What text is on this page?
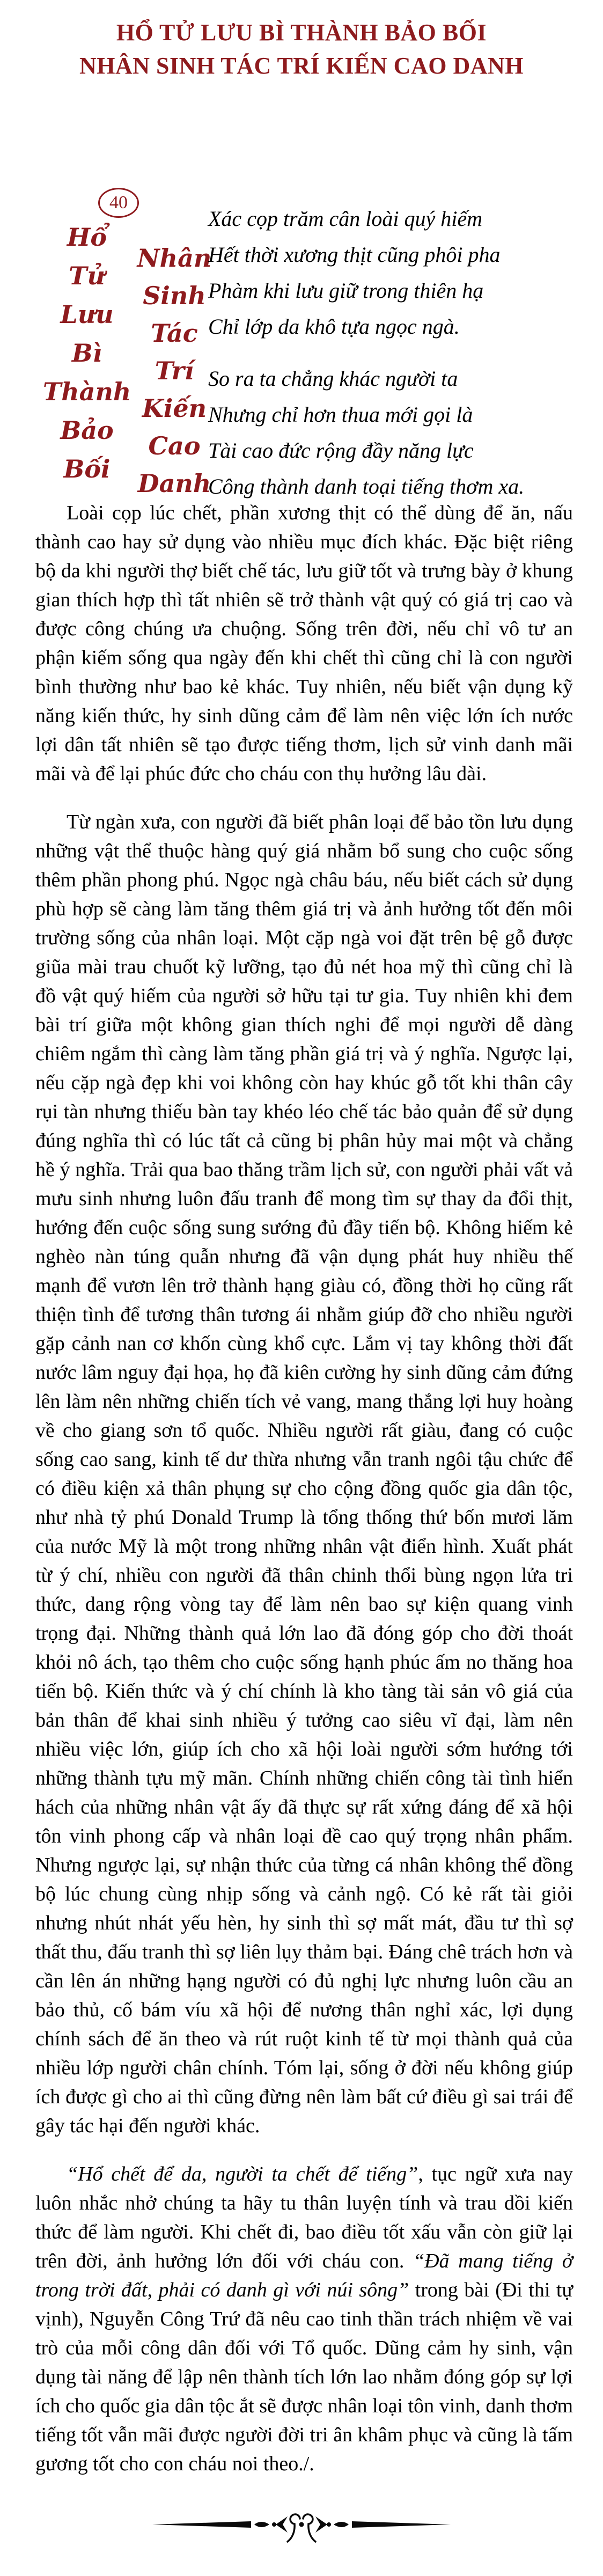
HỔ TỬ LƯU BÌ THÀNH BẢO BỐI
NHÂN SINH TÁC TRÍ KIẾN CAO DANH
40
Hổ
Tử
Lưu
Bì
Thành
Bảo
Bối
Nhân
Sinh
Tác
Trí
Kiến
Cao
Danh
Xác cọp trăm cân loài quý hiếm
Hết thời xương thịt cũng phôi pha
Phàm khi lưu giữ trong thiên hạ
Chỉ lớp da khô tựa ngọc ngà.
So ra ta chẳng khác người ta
Nhưng chỉ hơn thua mới gọi là
Tài cao đức rộng đầy năng lực
Công thành danh toại tiếng thơm xa.

Loài cọp lúc chết, phần xương thịt có thể dùng để ăn, nấu thành cao hay sử dụng vào nhiều mục đích khác. Đặc biệt riêng bộ da khi người thợ biết chế tác, lưu giữ tốt và trưng bày ở khung gian thích hợp thì tất nhiên sẽ trở thành vật quý có giá trị cao và được công chúng ưa chuộng. Sống trên đời, nếu chỉ vô tư an phận kiếm sống qua ngày đến khi chết thì cũng chỉ là con người bình thường như bao kẻ khác. Tuy nhiên, nếu biết vận dụng kỹ năng kiến thức, hy sinh dũng cảm để làm nên việc lớn ích nước lợi dân tất nhiên sẽ tạo được tiếng thơm, lịch sử vinh danh mãi mãi và để lại phúc đức cho cháu con thụ hưởng lâu dài.

Từ ngàn xưa, con người đã biết phân loại để bảo tồn lưu dụng những vật thể thuộc hàng quý giá nhằm bổ sung cho cuộc sống thêm phần phong phú. Ngọc ngà châu báu, nếu biết cách sử dụng phù hợp sẽ càng làm tăng thêm giá trị và ảnh hưởng tốt đến môi trường sống của nhân loại. Một cặp ngà voi đặt trên bệ gỗ được giũa mài trau chuốt kỹ lưỡng, tạo đủ nét hoa mỹ thì cũng chỉ là đồ vật quý hiếm của người sở hữu tại tư gia. Tuy nhiên khi đem bài trí giữa một không gian thích nghi để mọi người dễ dàng chiêm ngắm thì càng làm tăng phần giá trị và ý nghĩa. Ngược lại, nếu cặp ngà đẹp khi voi không còn hay khúc gỗ tốt khi thân cây rụi tàn nhưng thiếu bàn tay khéo léo chế tác bảo quản để sử dụng đúng nghĩa thì có lúc tất cả cũng bị phân hủy mai một và chẳng hề ý nghĩa. Trải qua bao thăng trầm lịch sử, con người phải vất vả mưu sinh nhưng luôn đấu tranh để mong tìm sự thay da đổi thịt, hướng đến cuộc sống sung sướng đủ đầy tiến bộ. Không hiếm kẻ nghèo nàn túng quẫn nhưng đã vận dụng phát huy nhiều thế mạnh để vươn lên trở thành hạng giàu có, đồng thời họ cũng rất thiện tình để tương thân tương ái nhằm giúp đỡ cho nhiều người gặp cảnh nan cơ khốn cùng khổ cực. Lắm vị tay không thời đất nước lâm nguy đại họa, họ đã kiên cường hy sinh dũng cảm đứng lên làm nên những chiến tích vẻ vang, mang thắng lợi huy hoàng về cho giang sơn tổ quốc. Nhiều người rất giàu, đang có cuộc sống cao sang, kinh tế dư thừa nhưng vẫn tranh ngôi tậu chức để có điều kiện xả thân phụng sự cho cộng đồng quốc gia dân tộc, như nhà tỷ phú Donald Trump là tổng thống thứ bốn mươi lăm của nước Mỹ là một trong những nhân vật điển hình. Xuất phát từ ý chí, nhiều con người đã thân chinh thổi bùng ngọn lửa tri thức, dang rộng vòng tay để làm nên bao sự kiện quang vinh trọng đại. Những thành quả lớn lao đã đóng góp cho đời thoát khỏi nô ách, tạo thêm cho cuộc sống hạnh phúc ấm no thăng hoa tiến bộ. Kiến thức và ý chí chính là kho tàng tài sản vô giá của bản thân để khai sinh nhiều ý tưởng cao siêu vĩ đại, làm nên nhiều việc lớn, giúp ích cho xã hội loài người sớm hướng tới những thành tựu mỹ mãn. Chính những chiến công tài tình hiển hách của những nhân vật ấy đã thực sự rất xứng đáng để xã hội tôn vinh phong cấp và nhân loại đề cao quý trọng nhân phẩm. Nhưng ngược lại, sự nhận thức của từng cá nhân không thể đồng bộ lúc chung cùng nhịp sống và cảnh ngộ. Có kẻ rất tài giỏi nhưng nhút nhát yếu hèn, hy sinh thì sợ mất mát, đầu tư thì sợ thất thu, đấu tranh thì sợ liên lụy thảm bại. Đáng chê trách hơn và cần lên án những hạng người có đủ nghị lực nhưng luôn cầu an bảo thủ, cố bám víu xã hội để nương thân nghỉ xác, lợi dụng chính sách để ăn theo và rút ruột kinh tế từ mọi thành quả của nhiều lớp người chân chính. Tóm lại, sống ở đời nếu không giúp ích được gì cho ai thì cũng đừng nên làm bất cứ điều gì sai trái để gây tác hại đến người khác.

“Hổ chết để da, người ta chết để tiếng”, tục ngữ xưa nay luôn nhắc nhở chúng ta hãy tu thân luyện tính và trau dồi kiến thức để làm người. Khi chết đi, bao điều tốt xấu vẫn còn giữ lại trên đời, ảnh hưởng lớn đối với cháu con. “Đã mang tiếng ở trong trời đất, phải có danh gì với núi sông” trong bài (Đi thi tự vịnh), Nguyễn Công Trứ đã nêu cao tinh thần trách nhiệm về vai trò của mỗi công dân đối với Tổ quốc. Dũng cảm hy sinh, vận dụng tài năng để lập nên thành tích lớn lao nhằm đóng góp sự lợi ích cho quốc gia dân tộc ắt sẽ được nhân loại tôn vinh, danh thơm tiếng tốt vẫn mãi được người đời tri ân khâm phục và cũng là tấm gương tốt cho con cháu noi theo./.
